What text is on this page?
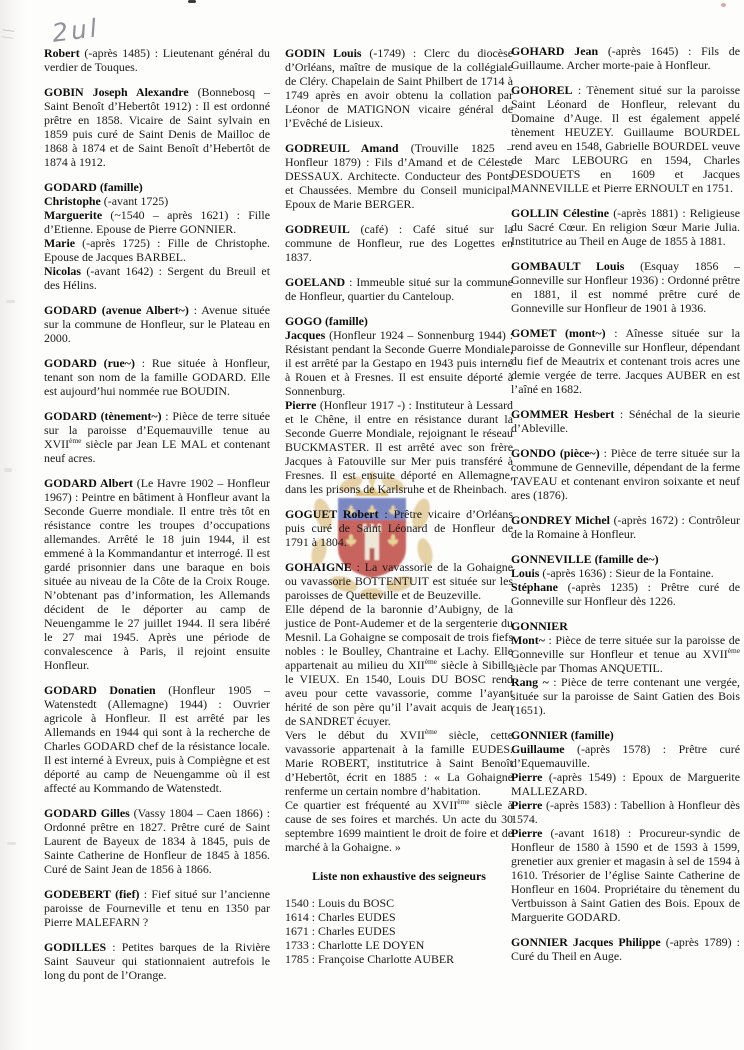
2ul

Robert (-après 1485) : Lieutenant général du verdier de Touques.

GOBIN Joseph Alexandre (Bonnebosq – Saint Benoît d’Hebertôt 1912) : Il est ordonné prêtre en 1858. Vicaire de Saint sylvain en 1859 puis curé de Saint Denis de Mailloc de 1868 à 1874 et de Saint Benoît d’Hebertôt de 1874 à 1912.

GODARD (famille)

Christophe (-avant 1725)

Marguerite (~1540 – après 1621) : Fille d’Etienne. Epouse de Pierre GONNIER.

Marie (-après 1725) : Fille de Christophe. Epouse de Jacques BARBEL.

Nicolas (-avant 1642) : Sergent du Breuil et des Hélins.

GODARD (avenue Albert~) : Avenue située sur la commune de Honfleur, sur le Plateau en 2000.

GODARD (rue~) : Rue située à Honfleur, tenant son nom de la famille GODARD. Elle est aujourd’hui nommée rue BOUDIN.

GODARD (tènement~) : Pièce de terre située sur la paroisse d’Equemauville tenue au XVIIème siècle par Jean LE MAL et contenant neuf acres.

GODARD Albert (Le Havre 1902 – Honfleur 1967) : Peintre en bâtiment à Honfleur avant la Seconde Guerre mondiale. Il entre très tôt en résistance contre les troupes d’occupations allemandes. Arrêté le 18 juin 1944, il est emmené à la Kommandantur et interrogé. Il est gardé prisonnier dans une baraque en bois située au niveau de la Côte de la Croix Rouge. N’obtenant pas d’information, les Allemands décident de le déporter au camp de Neuengamme le 27 juillet 1944. Il sera libéré le 27 mai 1945. Après une période de convalescence à Paris, il rejoint ensuite Honfleur.

GODARD Donatien (Honfleur 1905 – Watenstedt (Allemagne) 1944) : Ouvrier agricole à Honfleur. Il est arrêté par les Allemands en 1944 qui sont à la recherche de Charles GODARD chef de la résistance locale. Il est interné à Evreux, puis à Compiègne et est déporté au camp de Neuengamme où il est affecté au Kommando de Watenstedt.

GODARD Gilles (Vassy 1804 – Caen 1866) : Ordonné prêtre en 1827. Prêtre curé de Saint Laurent de Bayeux de 1834 à 1845, puis de Sainte Catherine de Honfleur de 1845 à 1856. Curé de Saint Jean de 1856 à 1866.

GODEBERT (fief) : Fief situé sur l’ancienne paroisse de Fourneville et tenu en 1350 par Pierre MALEFARN ?

GODILLES : Petites barques de la Rivière Saint Sauveur qui stationnaient autrefois le long du pont de l’Orange.

GODIN Louis (-1749) : Clerc du diocèse d’Orléans, maître de musique de la collégiale de Cléry. Chapelain de Saint Philbert de 1714 à 1749 après en avoir obtenu la collation par Léonor de MATIGNON vicaire général de l’Evêché de Lisieux.

GODREUIL Amand (Trouville 1825 – Honfleur 1879) : Fils d’Amand et de Céleste DESSAUX. Architecte. Conducteur des Ponts et Chaussées. Membre du Conseil municipal. Epoux de Marie BERGER.

GODREUIL (café) : Café situé sur la commune de Honfleur, rue des Logettes en 1837.

GOELAND : Immeuble situé sur la commune de Honfleur, quartier du Canteloup.

GOGO (famille)

Jacques (Honfleur 1924 – Sonnenburg 1944) : Résistant pendant la Seconde Guerre Mondiale, il est arrêté par la Gestapo en 1943 puis interné à Rouen et à Fresnes. Il est ensuite déporté à Sonnenburg.

Pierre (Honfleur 1917 -) : Instituteur à Lessard et le Chêne, il entre en résistance durant la Seconde Guerre Mondiale, rejoignant le réseau BUCKMASTER. Il est arrêté avec son frère Jacques à Fatouville sur Mer puis transféré à Fresnes. Il est ensuite déporté en Allemagne, dans les prisons de Karlsruhe et de Rheinbach.

GOGUET Robert : Prêtre vicaire d’Orléans puis curé de Saint Léonard de Honfleur de 1791 à 1804.

GOHAIGNE : La vavassorie de la Gohaigne ou vavassorie BOTTENTUIT est située sur les paroisses de Quetteville et de Beuzeville.

Elle dépend de la baronnie d’Aubigny, de la justice de Pont-Audemer et de la sergenterie du Mesnil. La Gohaigne se composait de trois fiefs nobles : le Boulley, Chantraine et Lachy. Elle appartenait au milieu du XIIème siècle à Sibille le VIEUX. En 1540, Louis DU BOSC rend aveu pour cette vavassorie, comme l’ayant hérité de son père qu’il l’avait acquis de Jean de SANDRET écuyer.

Vers le début du XVIIème siècle, cette vavassorie appartenait à la famille EUDES. Marie ROBERT, institutrice à Saint Benoît d’Hebertôt, écrit en 1885 : « La Gohaigne renferme un certain nombre d’habitation.

Ce quartier est fréquenté au XVIIème siècle à cause de ses foires et marchés. Un acte du 30 septembre 1699 maintient le droit de foire et de marché à la Gohaigne. »

Liste non exhaustive des seigneurs

1540 : Louis du BOSC

1614 : Charles EUDES

1671 : Charles EUDES

1733 : Charlotte LE DOYEN

1785 : Françoise Charlotte AUBER

GOHARD Jean (-après 1645) : Fils de Guillaume. Archer morte-paie à Honfleur.

GOHOREL : Tènement situé sur la paroisse Saint Léonard de Honfleur, relevant du Domaine d’Auge. Il est également appelé tènement HEUZEY. Guillaume BOURDEL rend aveu en 1548, Gabrielle BOURDEL veuve de Marc LEBOURG en 1594, Charles DESDOUETS en 1609 et Jacques MANNEVILLE et Pierre ERNOULT en 1751.

GOLLIN Célestine (-après 1881) : Religieuse du Sacré Cœur. En religion Sœur Marie Julia. Institutrice au Theil en Auge de 1855 à 1881.

GOMBAULT Louis (Esquay 1856 – Gonneville sur Honfleur 1936) : Ordonné prêtre en 1881, il est nommé prêtre curé de Gonneville sur Honfleur de 1901 à 1936.

GOMET (mont~) : Aînesse située sur la paroisse de Gonneville sur Honfleur, dépendant du fief de Meautrix et contenant trois acres une demie vergée de terre. Jacques AUBER en est l’aîné en 1682.

GOMMER Hesbert : Sénéchal de la sieurie d’Ableville.

GONDO (pièce~) : Pièce de terre située sur la commune de Genneville, dépendant de la ferme TAVEAU et contenant environ soixante et neuf ares (1876).

GONDREY Michel (-après 1672) : Contrôleur de la Romaine à Honfleur.

GONNEVILLE (famille de~)

Louis (-après 1636) : Sieur de la Fontaine.

Stéphane (-après 1235) : Prêtre curé de Gonneville sur Honfleur dès 1226.

GONNIER

Mont~ : Pièce de terre située sur la paroisse de Gonneville sur Honfleur et tenue au XVIIème siècle par Thomas ANQUETIL.

Rang ~ : Pièce de terre contenant une vergée, située sur la paroisse de Saint Gatien des Bois (1651).

GONNIER (famille)

Guillaume (-après 1578) : Prêtre curé d’Equemauville.

Pierre (-après 1549) : Epoux de Marguerite MALLEZARD.

Pierre (-après 1583) : Tabellion à Honfleur dès 1574.

Pierre (-avant 1618) : Procureur-syndic de Honfleur de 1580 à 1590 et de 1593 à 1599, grenetier aux grenier et magasin à sel de 1594 à 1610. Trésorier de l’église Sainte Catherine de Honfleur en 1604. Propriétaire du tènement du Vertbuisson à Saint Gatien des Bois. Epoux de Marguerite GODARD.

GONNIER Jacques Philippe (-après 1789) : Curé du Theil en Auge.
